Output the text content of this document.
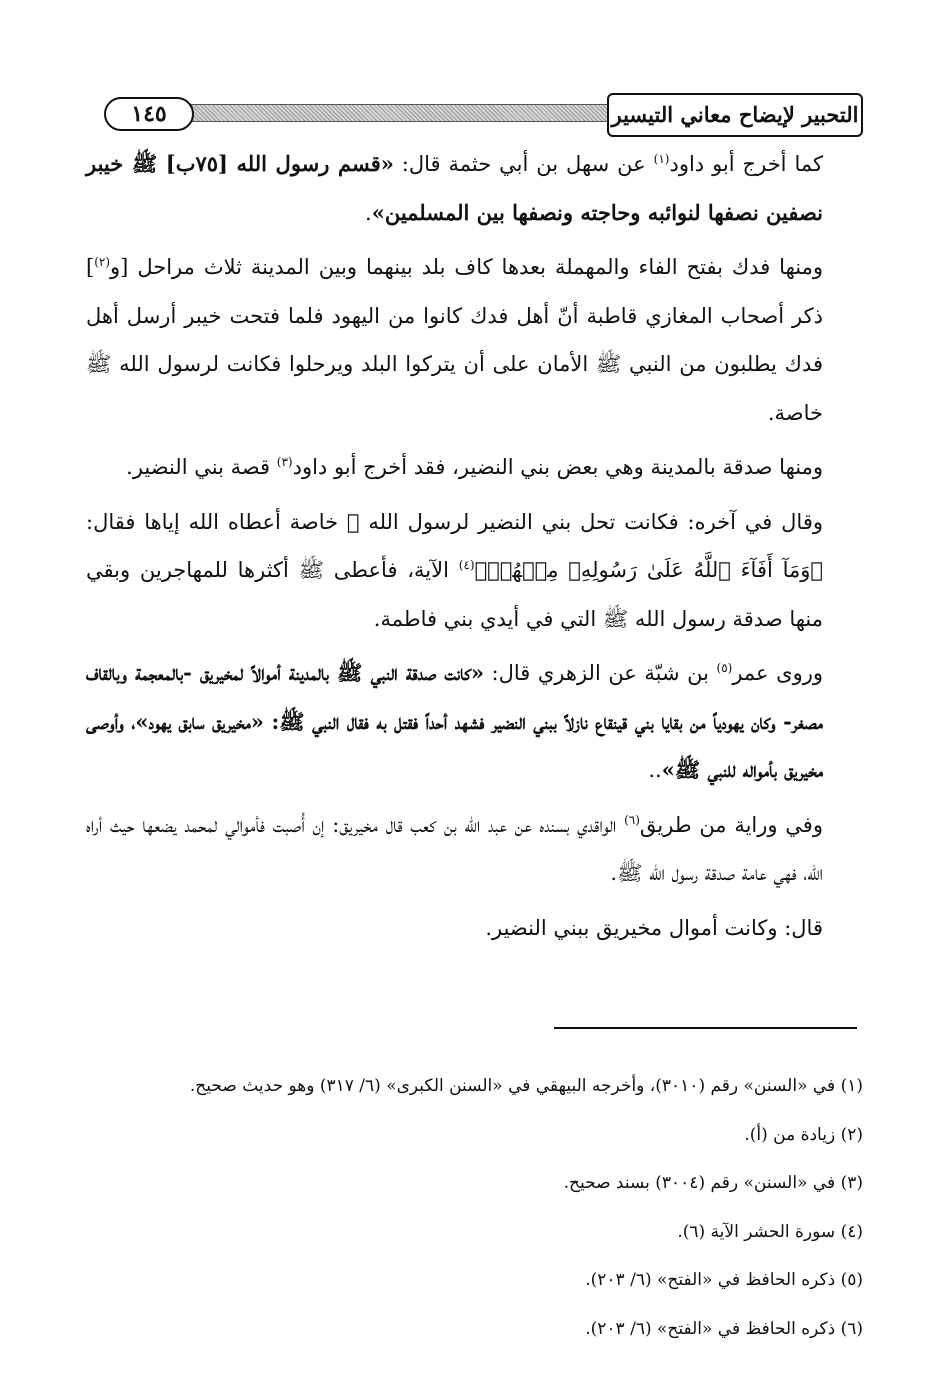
١٤٥	التحبير لإيضاح معاني التيسير

كما أخرج أبو داود$^{(١)}$ عن سهل بن أبي حثمة قال: «قسم رسول الله [٧٥ب] ﷺ خيبر نصفين نصفها لنوائبه وحاجته ونصفها بين المسلمين».

ومنها فدك بفتح الفاء والمهملة بعدها كاف بلد بينهما وبين المدينة ثلاث مراحل [و$^{(٢)}$] ذكر أصحاب المغازي قاطبة أنّ أهل فدك كانوا من اليهود فلما فتحت خيبر أرسل أهل فدك يطلبون من النبي ﷺ الأمان على أن يتركوا البلد ويرحلوا فكانت لرسول الله ﷺ خاصة.

ومنها صدقة بالمدينة وهي بعض بني النضير، فقد أخرج أبو داود$^{(٣)}$ قصة بني النضير.

وقال في آخره: فكانت تحل بني النضير لرسول الله ﷺ خاصة أعطاه الله إياها فقال: ﴿وَمَآ أَفَآءَ ٱللَّهُ عَلَىٰ رَسُولِهِۦ مِنۡهُمۡ﴾$^{(٤)}$ الآية، فأعطى ﷺ أكثرها للمهاجرين وبقي منها صدقة رسول الله ﷺ التي في أيدي بني فاطمة.

وروى عمر$^{(٥)}$ بن شبّة عن الزهري قال: «كانت صدقة النبي ﷺ بالمدينة أموالاً لمخيريق -بالمعجمة وبالقاف مصغر- وكان يهودياً من بقايا بني قينقاع نازلاً ببني النضير فشهد أحداً فقتل به فقال النبي ﷺ: «مخيريق سابق يهود»، وأوصى مخيريق بأمواله للنبي ﷺ»..

وفي وراية من طريق$^{(٦)}$ الواقدي بسنده عن عبد الله بن كعب قال مخيريق: إن أُصبت فأموالي لمحمد يضعها حيث أراه الله، فهي عامة صدقة رسول الله ﷺ.

قال: وكانت أموال مخيريق ببني النضير.

(١) في «السنن» رقم (٣٠١٠)، وأخرجه البيهقي في «السنن الكبرى» (٦/ ٣١٧) وهو حديث صحيح.
(٢) زيادة من (أ).
(٣) في «السنن» رقم (٣٠٠٤) بسند صحيح.
(٤) سورة الحشر الآية (٦).
(٥) ذكره الحافظ في «الفتح» (٦/ ٢٠٣).
(٦) ذكره الحافظ في «الفتح» (٦/ ٢٠٣).
